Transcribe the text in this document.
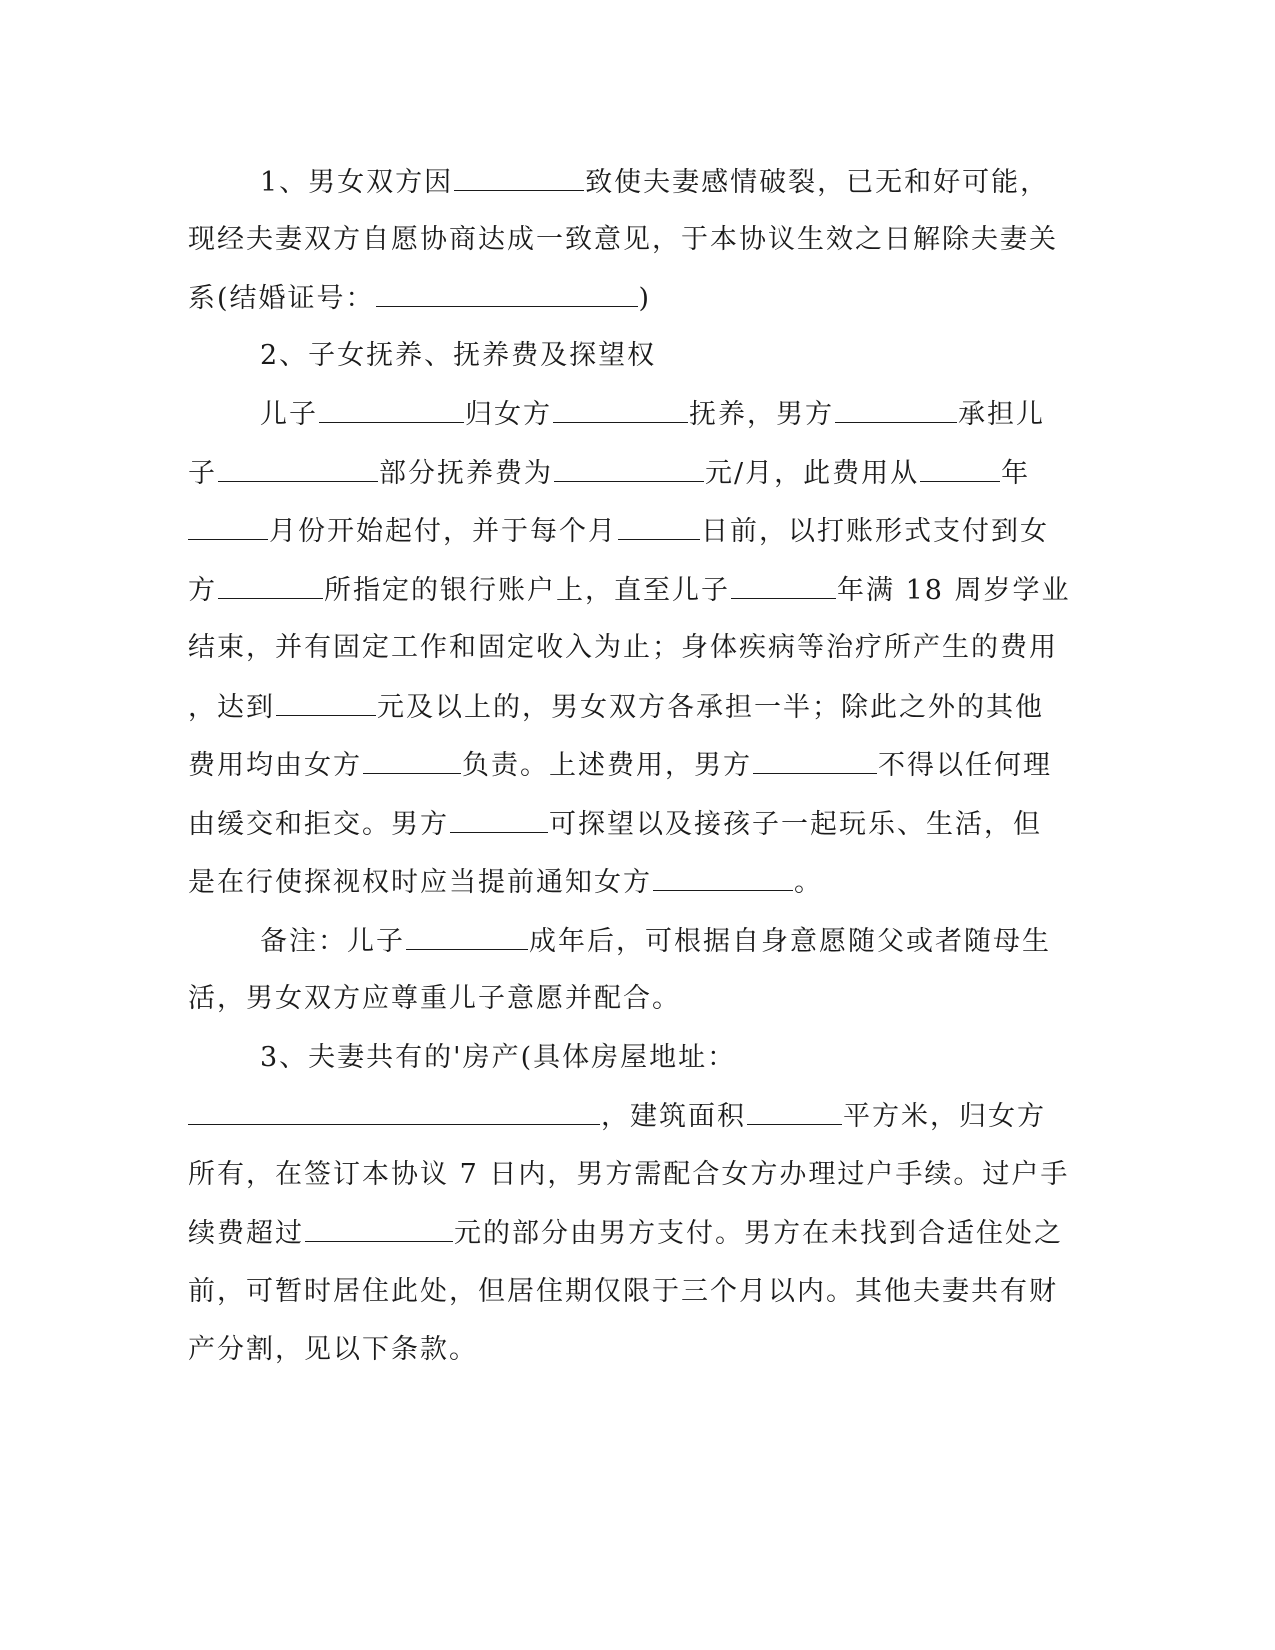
1、男女双方因	致使夫妻感情破裂，已无和好可能，
现经夫妻双方自愿协商达成一致意见，于本协议生效之日解除夫妻关
系(结婚证号：	)
2、子女抚养、抚养费及探望权
儿子	归女方	抚养，男方	承担儿
子	部分抚养费为	元/月，此费用从	年
月份开始起付，并于每个月	日前，以打账形式支付到女
方	所指定的银行账户上，直至儿子	年满 18 周岁学业
结束，并有固定工作和固定收入为止；身体疾病等治疗所产生的费用
，达到	元及以上的，男女双方各承担一半；除此之外的其他
费用均由女方	负责。上述费用，男方	不得以任何理
由缓交和拒交。男方	可探望以及接孩子一起玩乐、生活，但
是在行使探视权时应当提前通知女方	。
备注：儿子	成年后，可根据自身意愿随父或者随母生
活，男女双方应尊重儿子意愿并配合。
3、夫妻共有的'房产(具体房屋地址：
，建筑面积	平方米，归女方
所有，在签订本协议 7 日内，男方需配合女方办理过户手续。过户手
续费超过	元的部分由男方支付。男方在未找到合适住处之
前，可暂时居住此处，但居住期仅限于三个月以内。其他夫妻共有财
产分割，见以下条款。
